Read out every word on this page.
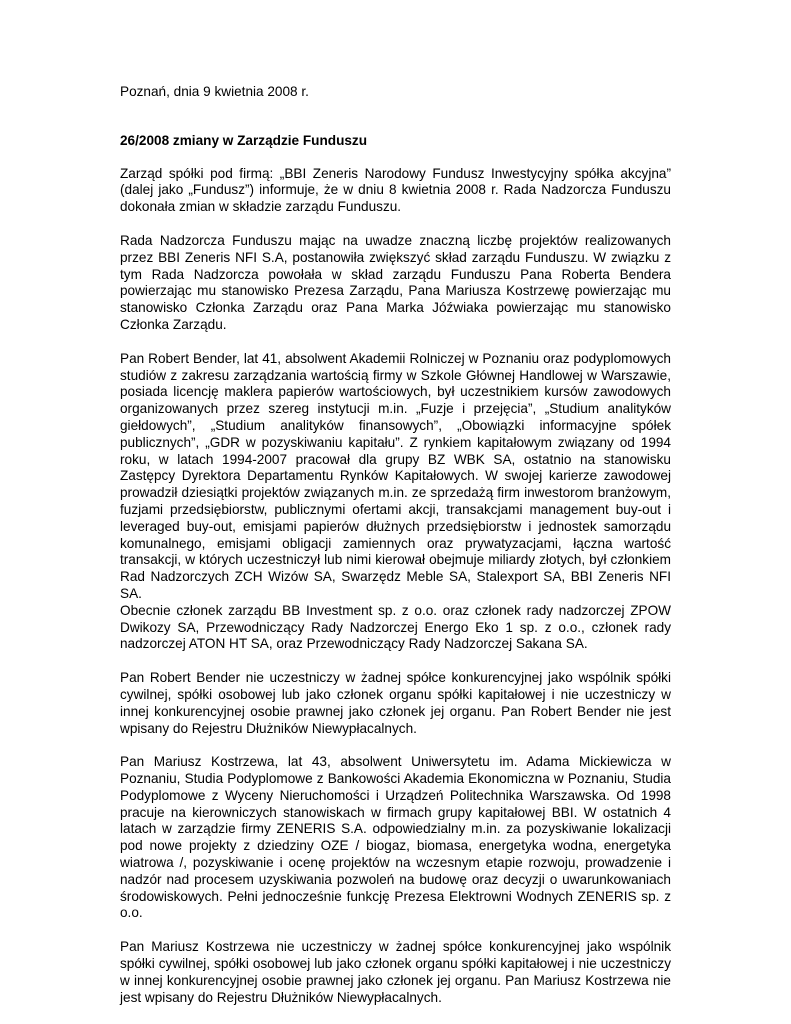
Poznań, dnia 9 kwietnia 2008 r.

26/2008 zmiany w Zarządzie Funduszu

Zarząd spółki pod firmą: „BBI Zeneris Narodowy Fundusz Inwestycyjny spółka akcyjna” (dalej jako „Fundusz”) informuje, że w dniu 8 kwietnia 2008 r. Rada Nadzorcza Funduszu dokonała zmian w składzie zarządu Funduszu.

Rada Nadzorcza Funduszu mając na uwadze znaczną liczbę projektów realizowanych przez BBI Zeneris NFI S.A, postanowiła zwiększyć skład zarządu Funduszu. W związku z tym Rada Nadzorcza powołała w skład zarządu Funduszu Pana Roberta Bendera powierzając mu stanowisko Prezesa Zarządu, Pana Mariusza Kostrzewę powierzając mu stanowisko Członka Zarządu oraz Pana Marka Jóźwiaka powierzając mu stanowisko Członka Zarządu.

Pan Robert Bender, lat 41, absolwent Akademii Rolniczej w Poznaniu oraz podyplomowych studiów z zakresu zarządzania wartością firmy w Szkole Głównej Handlowej w Warszawie, posiada licencję maklera papierów wartościowych, był uczestnikiem kursów zawodowych organizowanych przez szereg instytucji m.in. „Fuzje i przejęcia”, „Studium analityków giełdowych”, „Studium analityków finansowych”, „Obowiązki informacyjne spółek publicznych”, „GDR w pozyskiwaniu kapitału”. Z rynkiem kapitałowym związany od 1994 roku, w latach 1994-2007 pracował dla grupy BZ WBK SA, ostatnio na stanowisku Zastępcy Dyrektora Departamentu Rynków Kapitałowych. W swojej karierze zawodowej prowadził dziesiątki projektów związanych m.in. ze sprzedażą firm inwestorom branżowym, fuzjami przedsiębiorstw, publicznymi ofertami akcji, transakcjami management buy-out i leveraged buy-out, emisjami papierów dłużnych przedsiębiorstw i jednostek samorządu komunalnego, emisjami obligacji zamiennych oraz prywatyzacjami, łączna wartość transakcji, w których uczestniczył lub nimi kierował obejmuje miliardy złotych, był członkiem Rad Nadzorczych ZCH Wizów SA, Swarzędz Meble SA, Stalexport SA, BBI Zeneris NFI SA.

Obecnie członek zarządu BB Investment sp. z o.o. oraz członek rady nadzorczej ZPOW Dwikozy SA, Przewodniczący Rady Nadzorczej Energo Eko 1 sp. z o.o., członek rady nadzorczej ATON HT SA, oraz Przewodniczący Rady Nadzorczej Sakana SA.

Pan Robert Bender nie uczestniczy w żadnej spółce konkurencyjnej jako wspólnik spółki cywilnej, spółki osobowej lub jako członek organu spółki kapitałowej i nie uczestniczy w innej konkurencyjnej osobie prawnej jako członek jej organu. Pan Robert Bender nie jest wpisany do Rejestru Dłużników Niewypłacalnych.

Pan Mariusz Kostrzewa, lat 43, absolwent Uniwersytetu im. Adama Mickiewicza w Poznaniu, Studia Podyplomowe z Bankowości Akademia Ekonomiczna w Poznaniu, Studia Podyplomowe z Wyceny Nieruchomości i Urządzeń Politechnika Warszawska. Od 1998 pracuje na kierowniczych stanowiskach w firmach grupy kapitałowej BBI. W ostatnich 4 latach w zarządzie firmy ZENERIS S.A. odpowiedzialny m.in. za pozyskiwanie lokalizacji pod nowe projekty z dziedziny OZE / biogaz, biomasa, energetyka wodna, energetyka wiatrowa /, pozyskiwanie i ocenę projektów na wczesnym etapie rozwoju, prowadzenie i nadzór nad procesem uzyskiwania pozwoleń na budowę oraz decyzji o uwarunkowaniach środowiskowych. Pełni jednocześnie funkcję Prezesa Elektrowni Wodnych ZENERIS sp. z o.o.

Pan Mariusz Kostrzewa nie uczestniczy w żadnej spółce konkurencyjnej jako wspólnik spółki cywilnej, spółki osobowej lub jako członek organu spółki kapitałowej i nie uczestniczy w innej konkurencyjnej osobie prawnej jako członek jej organu. Pan Mariusz Kostrzewa nie jest wpisany do Rejestru Dłużników Niewypłacalnych.
